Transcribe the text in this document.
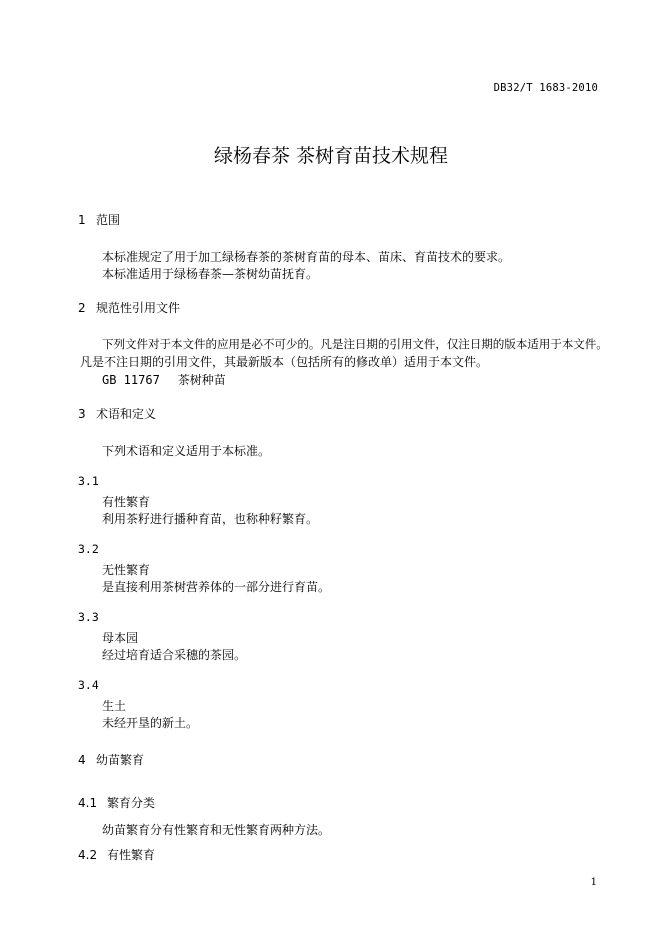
DB32/T 1683-2010
绿杨春茶 茶树育苗技术规程
1 范围
本标准规定了用于加工绿杨春茶的茶树育苗的母本、苗床、育苗技术的要求。
本标准适用于绿杨春茶—茶树幼苗抚育。
2 规范性引用文件
下列文件对于本文件的应用是必不可少的。凡是注日期的引用文件，仅注日期的版本适用于本文件。
凡是不注日期的引用文件，其最新版本（包括所有的修改单）适用于本文件。
GB 11767 茶树种苗
3 术语和定义
下列术语和定义适用于本标准。
3.1
有性繁育
利用茶籽进行播种育苗，也称种籽繁育。
3.2
无性繁育
是直接利用茶树营养体的一部分进行育苗。
3.3
母本园
经过培育适合采穗的茶园。
3.4
生土
未经开垦的新土。
4 幼苗繁育
4.1 繁育分类
幼苗繁育分有性繁育和无性繁育两种方法。
4.2 有性繁育
1
